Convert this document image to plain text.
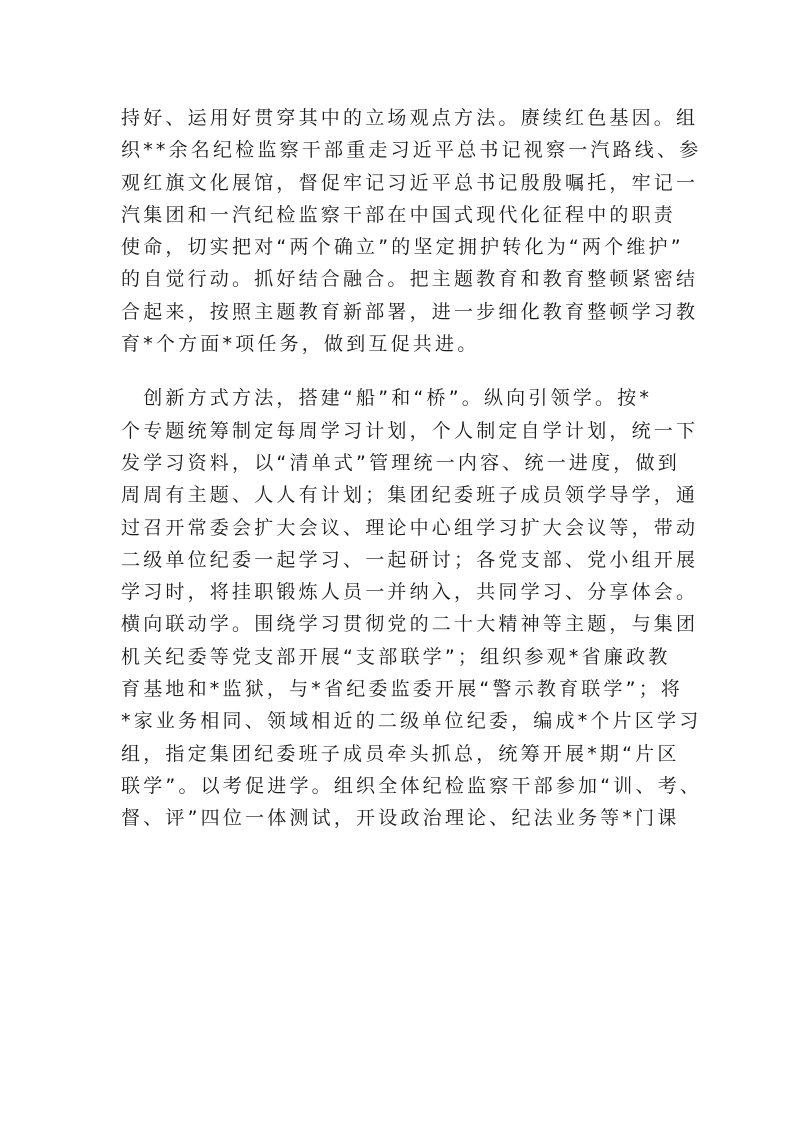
持好、运用好贯穿其中的立场观点方法。赓续红色基因。组
织**余名纪检监察干部重走习近平总书记视察一汽路线、参
观红旗文化展馆，督促牢记习近平总书记殷殷嘱托，牢记一
汽集团和一汽纪检监察干部在中国式现代化征程中的职责
使命，切实把对“两个确立”的坚定拥护转化为“两个维护”
的自觉行动。抓好结合融合。把主题教育和教育整顿紧密结
合起来，按照主题教育新部署，进一步细化教育整顿学习教
育*个方面*项任务，做到互促共进。
　创新方式方法，搭建“船”和“桥”。纵向引领学。按*
个专题统筹制定每周学习计划，个人制定自学计划，统一下
发学习资料，以“清单式”管理统一内容、统一进度，做到
周周有主题、人人有计划；集团纪委班子成员领学导学，通
过召开常委会扩大会议、理论中心组学习扩大会议等，带动
二级单位纪委一起学习、一起研讨；各党支部、党小组开展
学习时，将挂职锻炼人员一并纳入，共同学习、分享体会。
横向联动学。围绕学习贯彻党的二十大精神等主题，与集团
机关纪委等党支部开展“支部联学”；组织参观*省廉政教
育基地和*监狱，与*省纪委监委开展“警示教育联学”；将
*家业务相同、领域相近的二级单位纪委，编成*个片区学习
组，指定集团纪委班子成员牵头抓总，统筹开展*期“片区
联学”。以考促进学。组织全体纪检监察干部参加“训、考、
督、评”四位一体测试，开设政治理论、纪法业务等*门课
